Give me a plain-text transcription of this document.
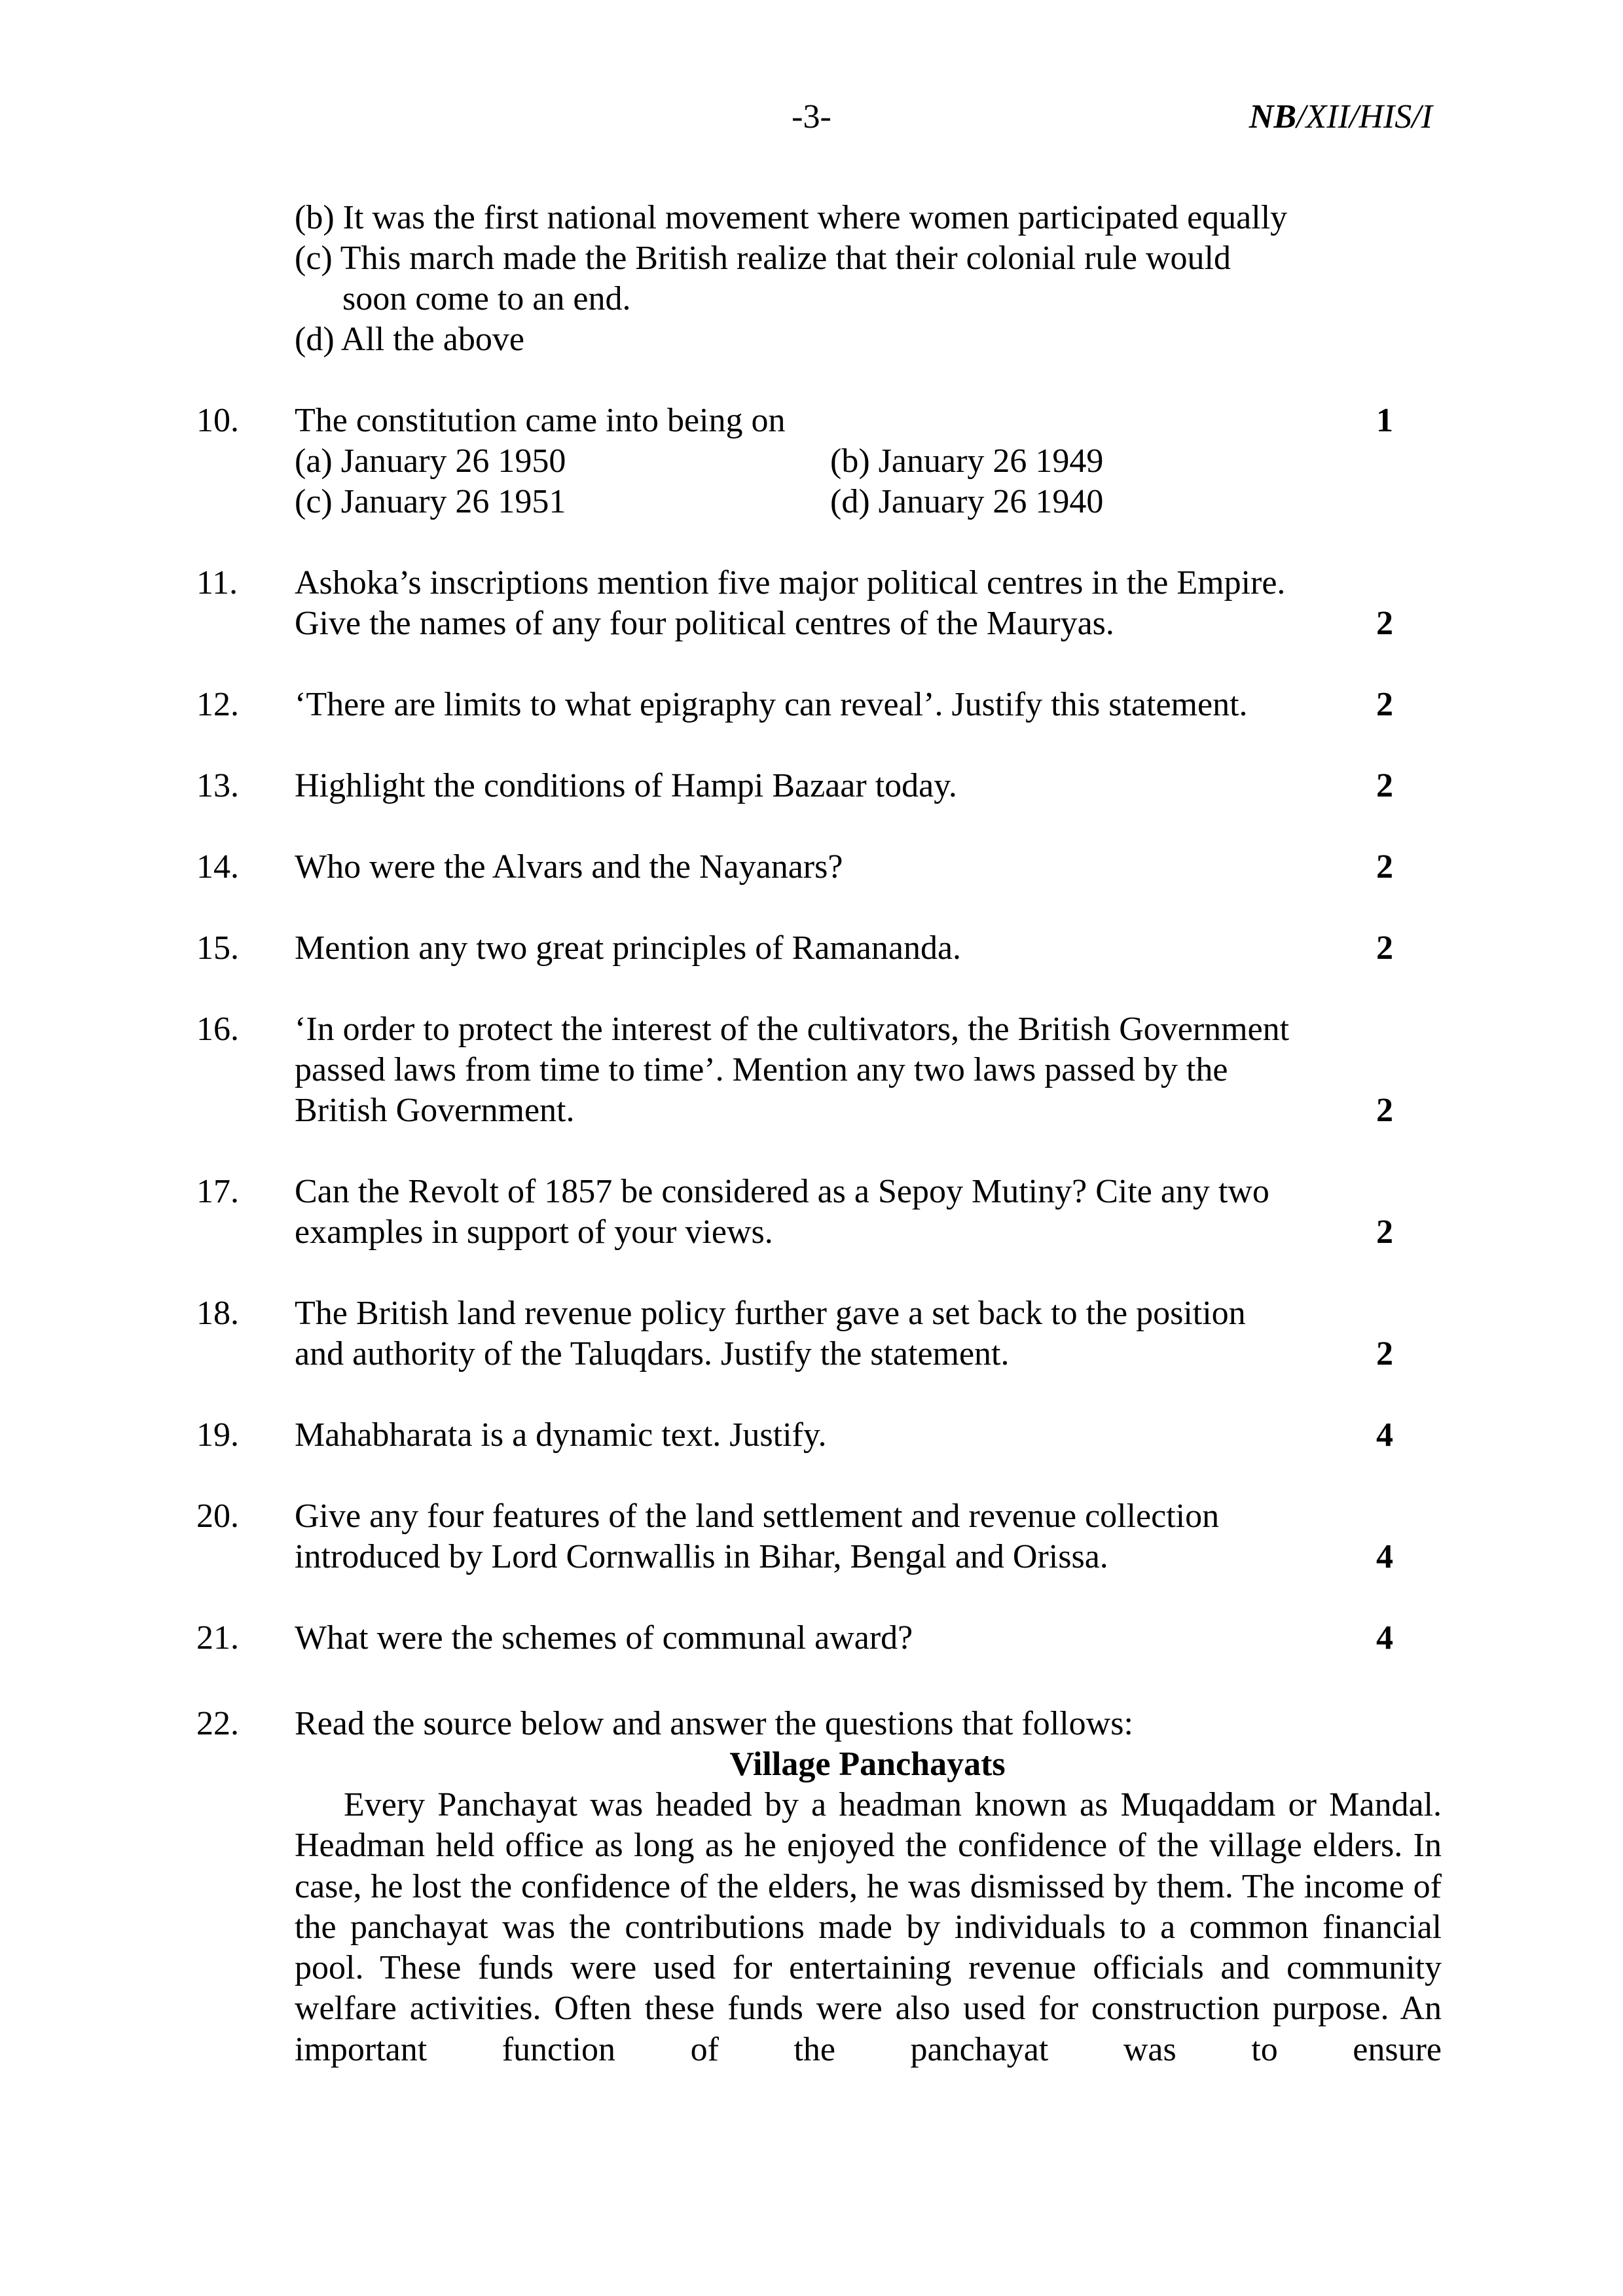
-3-	NB/XII/HIS/I
(b) It was the first national movement where women participated equally
(c) This march made the British realize that their colonial rule would
soon come to an end.
(d) All the above
10. The constitution came into being on	1
(a) January 26 1950	(b) January 26 1949
(c) January 26 1951	(d) January 26 1940
11. Ashoka’s inscriptions mention five major political centres in the Empire.
Give the names of any four political centres of the Mauryas.	2
12. ‘There are limits to what epigraphy can reveal’. Justify this statement.	2
13. Highlight the conditions of Hampi Bazaar today.	2
14. Who were the Alvars and the Nayanars?	2
15. Mention any two great principles of Ramananda.	2
16. ‘In order to protect the interest of the cultivators, the British Government
passed laws from time to time’. Mention any two laws passed by the
British Government.	2
17. Can the Revolt of 1857 be considered as a Sepoy Mutiny? Cite any two
examples in support of your views.	2
18. The British land revenue policy further gave a set back to the position
and authority of the Taluqdars. Justify the statement.	2
19. Mahabharata is a dynamic text. Justify.	4
20. Give any four features of the land settlement and revenue collection
introduced by Lord Cornwallis in Bihar, Bengal and Orissa.	4
21. What were the schemes of communal award?	4
22. Read the source below and answer the questions that follows:
Village Panchayats

Every Panchayat was headed by a headman known as Muqaddam or Mandal. Headman held office as long as he enjoyed the confidence of the village elders. In case, he lost the confidence of the elders, he was dismissed by them. The income of the panchayat was the contributions made by individuals to a common financial pool. These funds were used for entertaining revenue officials and community welfare activities. Often these funds were also used for construction purpose. An important function of the panchayat was to ensure
